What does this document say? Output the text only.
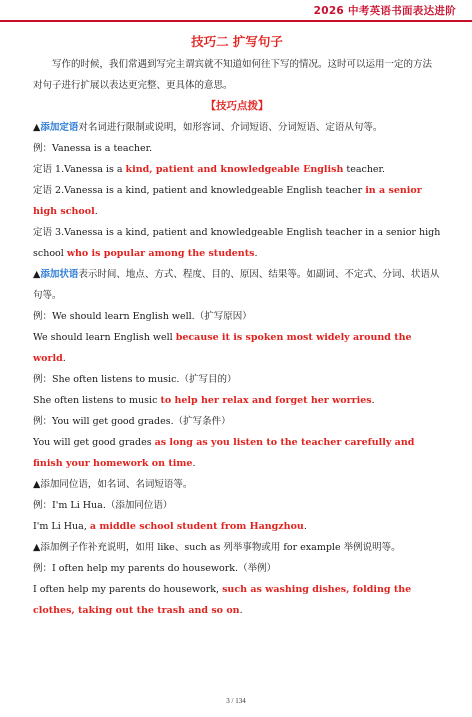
2026 中考英语书面表达进阶
技巧二 扩写句子
写作的时候，我们常遇到写完主谓宾就不知道如何往下写的情况。这时可以运用一定的方法对句子进行扩展以表达更完整、更具体的意思。
【技巧点拨】
▲添加定语对名词进行限制或说明，如形容词、介词短语、分词短语、定语从句等。
例：Vanessa is a teacher.
定语 1.Vanessa is a kind, patient and knowledgeable English teacher.
定语 2.Vanessa is a kind, patient and knowledgeable English teacher in a senior high school.
定语 3.Vanessa is a kind, patient and knowledgeable English teacher in a senior high school who is popular among the students.
▲添加状语表示时间、地点、方式、程度、目的、原因、结果等。如副词、不定式、分词、状语从句等。
例：We should learn English well.（扩写原因）
We should learn English well because it is spoken most widely around the world.
例：She often listens to music.（扩写目的）
She often listens to music to help her relax and forget her worries.
例：You will get good grades.（扩写条件）
You will get good grades as long as you listen to the teacher carefully and finish your homework on time.
▲添加同位语，如名词、名词短语等。
例：I'm Li Hua.（添加同位语）
I'm Li Hua, a middle school student from Hangzhou.
▲添加例子作补充说明，如用 like、such as 列举事物或用 for example 举例说明等。
例：I often help my parents do housework.（举例）
I often help my parents do housework, such as washing dishes, folding the clothes, taking out the trash and so on.
3 / 134
